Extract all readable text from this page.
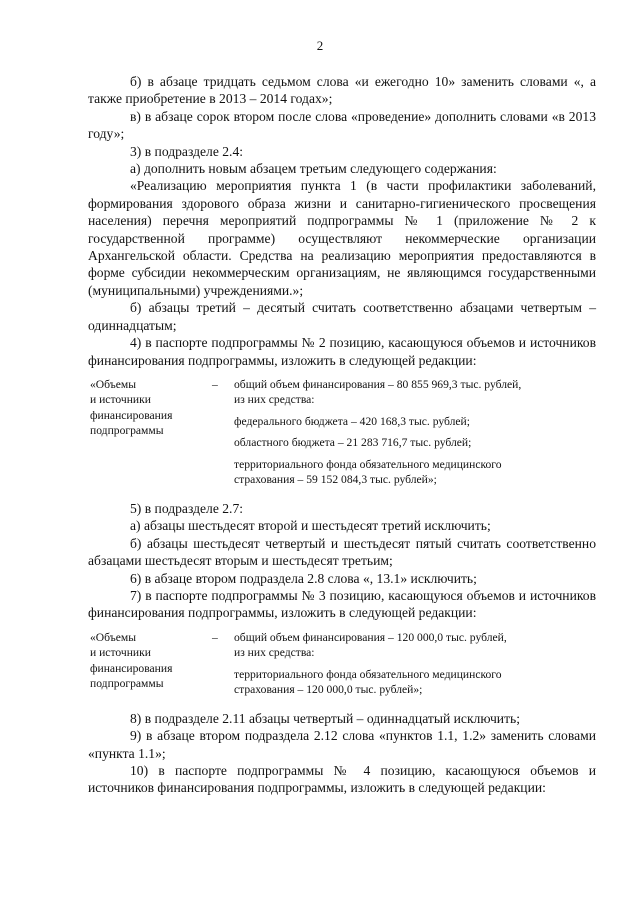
2

б) в абзаце тридцать седьмом слова «и ежегодно 10» заменить словами «, а также приобретение в 2013 – 2014 годах»;

в) в абзаце сорок втором после слова «проведение» дополнить словами «в 2013 году»;

3) в подразделе 2.4:

а) дополнить новым абзацем третьим следующего содержания:

«Реализацию мероприятия пункта 1 (в части профилактики заболеваний, формирования здорового образа жизни и санитарно-гигиенического просвещения населения) перечня мероприятий подпрограммы № 1 (приложение № 2 к государственной программе) осуществляют некоммерческие организации Архангельской области. Средства на реализацию мероприятия предоставляются в форме субсидии некоммерческим организациям, не являющимся государственными (муниципальными) учреждениями.»;

б) абзацы третий – десятый считать соответственно абзацами четвертым – одиннадцатым;

4) в паспорте подпрограммы № 2 позицию, касающуюся объемов и источников финансирования подпрограммы, изложить в следующей редакции:

«Объемы
и источники
финансирования
подпрограммы
–	общий объем финансирования – 80 855 969,3 тыс. рублей,
из них средства:
федерального бюджета – 420 168,3 тыс. рублей;
областного бюджета – 21 283 716,7 тыс. рублей;
территориального фонда обязательного медицинского
страхования – 59 152 084,3 тыс. рублей»;

5) в подразделе 2.7:

а) абзацы шестьдесят второй и шестьдесят третий исключить;

б) абзацы шестьдесят четвертый и шестьдесят пятый считать соответственно абзацами шестьдесят вторым и шестьдесят третьим;

6) в абзаце втором подраздела 2.8 слова «, 13.1» исключить;

7) в паспорте подпрограммы № 3 позицию, касающуюся объемов и источников финансирования подпрограммы, изложить в следующей редакции:

«Объемы
и источники
финансирования
подпрограммы
–	общий объем финансирования – 120 000,0 тыс. рублей,
из них средства:
территориального фонда обязательного медицинского
страхования – 120 000,0 тыс. рублей»;

8) в подразделе 2.11 абзацы четвертый – одиннадцатый исключить;

9) в абзаце втором подраздела 2.12 слова «пунктов 1.1, 1.2» заменить словами «пункта 1.1»;

10) в паспорте подпрограммы № 4 позицию, касающуюся объемов и источников финансирования подпрограммы, изложить в следующей редакции:
